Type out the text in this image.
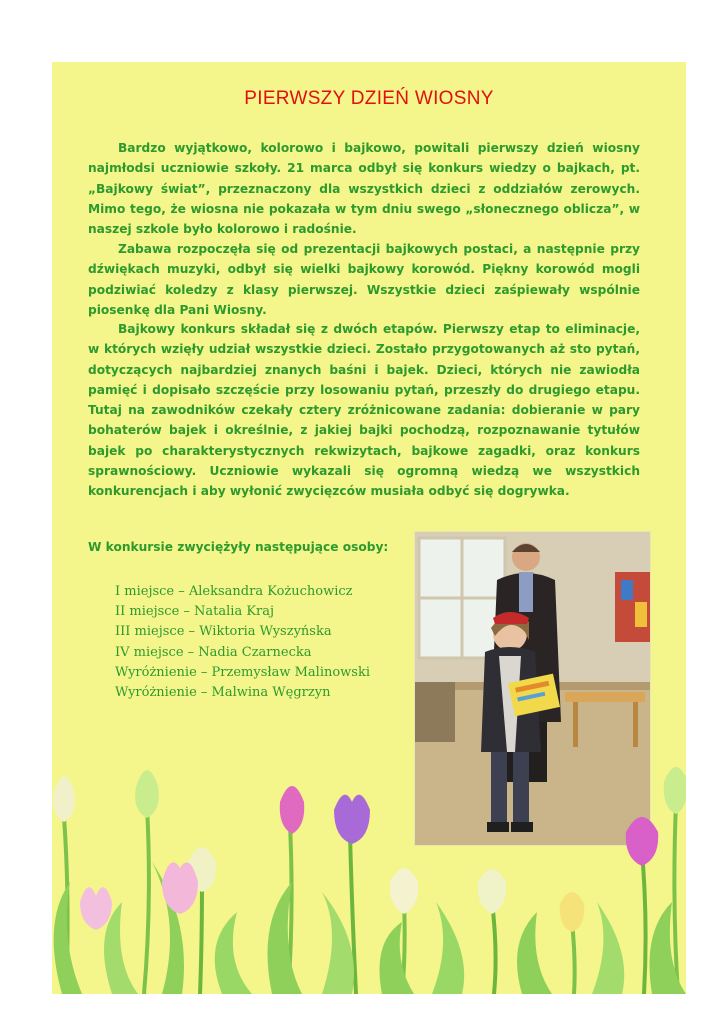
PIERWSZY DZIEŃ WIOSNY

Bardzo wyjątkowo, kolorowo i bajkowo, powitali pierwszy dzień wiosny najmłodsi uczniowie szkoły. 21 marca odbył się konkurs wiedzy o bajkach, pt. „Bajkowy świat”, przeznaczony dla wszystkich dzieci z oddziałów zerowych. Mimo tego, że wiosna nie pokazała w tym dniu swego „słonecznego oblicza”, w naszej szkole było kolorowo i radośnie.

Zabawa rozpoczęła się od prezentacji bajkowych postaci, a następnie przy dźwiękach muzyki, odbył się wielki bajkowy korowód. Piękny korowód mogli podziwiać koledzy z klasy pierwszej. Wszystkie dzieci zaśpiewały wspólnie piosenkę dla Pani Wiosny.

Bajkowy konkurs składał się z dwóch etapów. Pierwszy etap to eliminacje, w których wzięły udział wszystkie dzieci. Zostało przygotowanych aż sto pytań, dotyczących najbardziej znanych baśni i bajek. Dzieci, których nie zawiodła pamięć i dopisało szczęście przy losowaniu pytań, przeszły do drugiego etapu. Tutaj na zawodników czekały cztery zróżnicowane zadania: dobieranie w pary bohaterów bajek i określnie, z jakiej bajki pochodzą, rozpoznawanie tytułów bajek po charakterystycznych rekwizytach, bajkowe zagadki, oraz konkurs sprawnościowy. Uczniowie wykazali się ogromną wiedzą we wszystkich konkurencjach i aby wyłonić zwycięzców musiała odbyć się dogrywka.

W konkursie zwyciężyły następujące osoby:
I miejsce – Aleksandra Kożuchowicz
II miejsce – Natalia Kraj
III miejsce – Wiktoria Wyszyńska
IV miejsce – Nadia Czarnecka
Wyróżnienie – Przemysław Malinowski
Wyróżnienie – Malwina Węgrzyn
